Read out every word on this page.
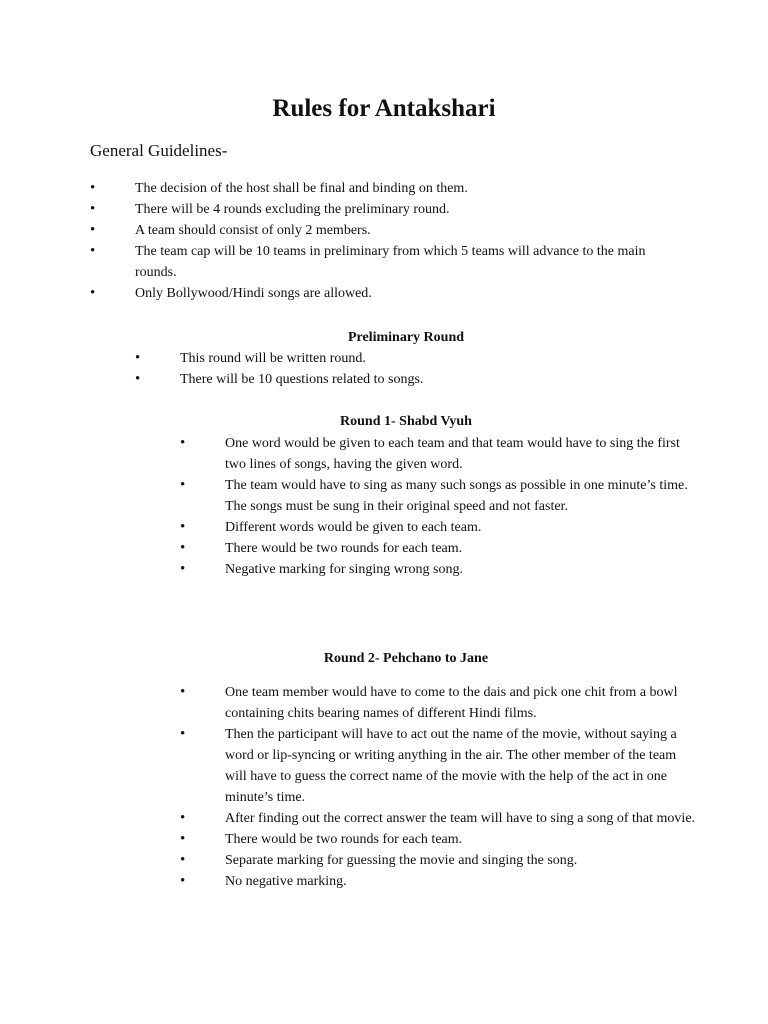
Rules for Antakshari

General Guidelines-

• The decision of the host shall be final and binding on them.
• There will be 4 rounds excluding the preliminary round.
• A team should consist of only 2 members.
• The team cap will be 10 teams in preliminary from which 5 teams will advance to the main rounds.
• Only Bollywood/Hindi songs are allowed.
Preliminary Round
• This round will be written round.
• There will be 10 questions related to songs.
Round 1- Shabd Vyuh
• One word would be given to each team and that team would have to sing the first two lines of songs, having the given word.
• The team would have to sing as many such songs as possible in one minute’s time. The songs must be sung in their original speed and not faster.
• Different words would be given to each team.
• There would be two rounds for each team.
• Negative marking for singing wrong song.
Round 2- Pehchano to Jane
• One team member would have to come to the dais and pick one chit from a bowl containing chits bearing names of different Hindi films.
• Then the participant will have to act out the name of the movie, without saying a word or lip-syncing or writing anything in the air. The other member of the team will have to guess the correct name of the movie with the help of the act in one minute’s time.
• After finding out the correct answer the team will have to sing a song of that movie.
• There would be two rounds for each team.
• Separate marking for guessing the movie and singing the song.
• No negative marking.
